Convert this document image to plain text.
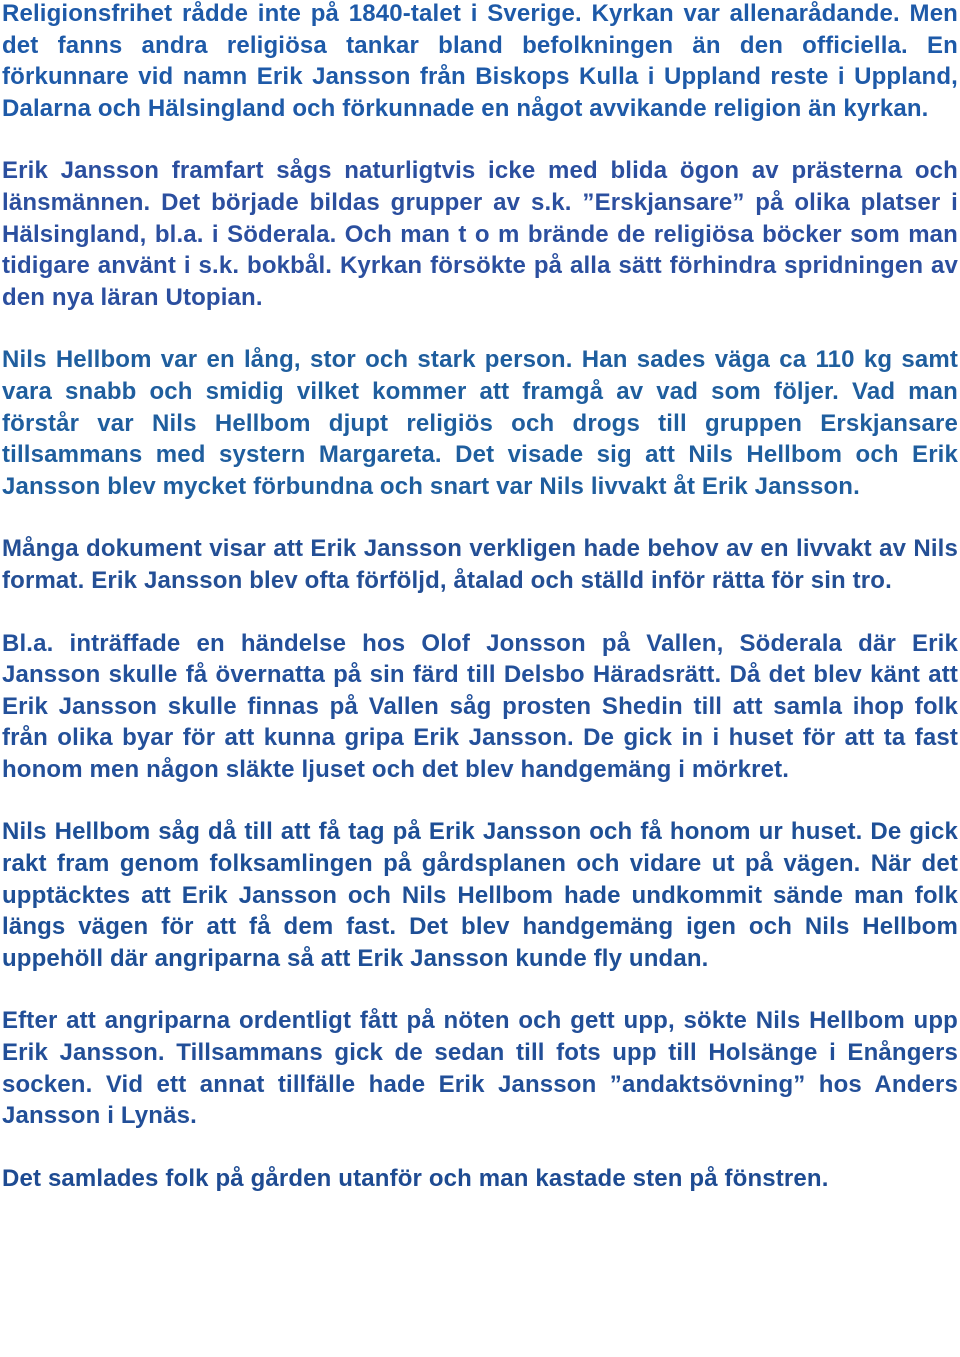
Religionsfrihet rådde inte på 1840-talet i Sverige. Kyrkan var allenarådande. Men det fanns andra religiösa tankar bland befolkningen än den officiella. En förkunnare vid namn Erik Jansson från Biskops Kulla i Uppland reste i Uppland, Dalarna och Hälsingland och förkunnade en något avvikande religion än kyrkan.

Erik Jansson framfart sågs naturligtvis icke med blida ögon av prästerna och länsmännen. Det började bildas grupper av s.k. ”Erskjansare” på olika platser i Hälsingland, bl.a. i Söderala. Och man t o m brände de religiösa böcker som man tidigare använt i s.k. bokbål. Kyrkan försökte på alla sätt förhindra spridningen av den nya läran Utopian.

Nils Hellbom var en lång, stor och stark person. Han sades väga ca 110 kg samt vara snabb och smidig vilket kommer att framgå av vad som följer. Vad man förstår var Nils Hellbom djupt religiös och drogs till gruppen Erskjansare tillsammans med systern Margareta. Det visade sig att Nils Hellbom och Erik Jansson blev mycket förbundna och snart var Nils livvakt åt Erik Jansson.

Många dokument visar att Erik Jansson verkligen hade behov av en livvakt av Nils format. Erik Jansson blev ofta förföljd, åtalad och ställd inför rätta för sin tro.

Bl.a. inträffade en händelse hos Olof Jonsson på Vallen, Söderala där Erik Jansson skulle få övernatta på sin färd till Delsbo Häradsrätt. Då det blev känt att Erik Jansson skulle finnas på Vallen såg prosten Shedin till att samla ihop folk från olika byar för att kunna gripa Erik Jansson. De gick in i huset för att ta fast honom men någon släkte ljuset och det blev handgemäng i mörkret.

Nils Hellbom såg då till att få tag på Erik Jansson och få honom ur huset. De gick rakt fram genom folksamlingen på gårdsplanen och vidare ut på vägen. När det upptäcktes att Erik Jansson och Nils Hellbom hade undkommit sände man folk längs vägen för att få dem fast. Det blev handgemäng igen och Nils Hellbom uppehöll där angriparna så att Erik Jansson kunde fly undan.

Efter att angriparna ordentligt fått på nöten och gett upp, sökte Nils Hellbom upp Erik Jansson. Tillsammans gick de sedan till fots upp till Holsänge i Enångers socken. Vid ett annat tillfälle hade Erik Jansson ”andaktsövning” hos Anders Jansson i Lynäs.

Det samlades folk på gården utanför och man kastade sten på fönstren.
